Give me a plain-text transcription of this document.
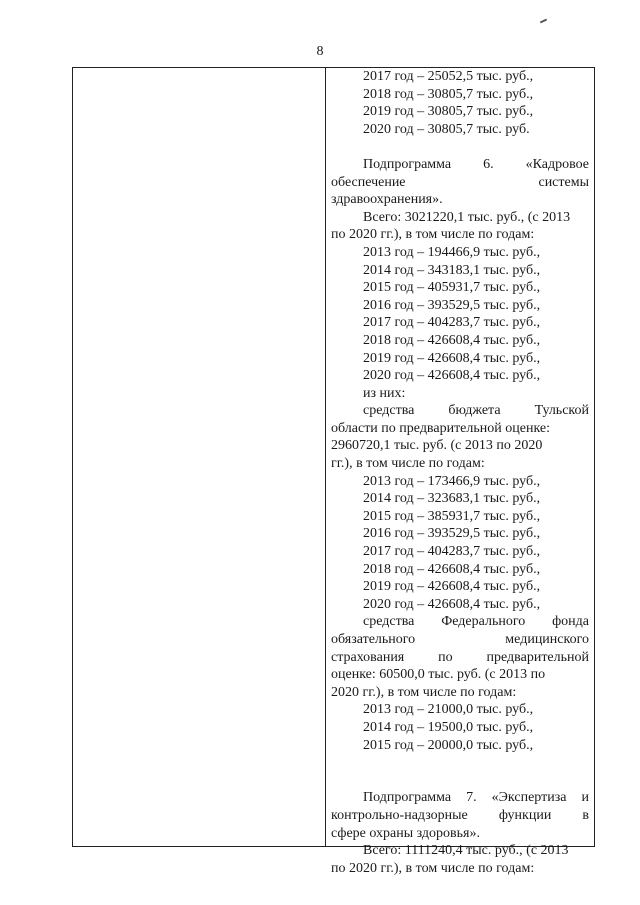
8
2017 год – 25052,5 тыс. руб.,
2018 год – 30805,7 тыс. руб.,
2019 год – 30805,7 тыс. руб.,
2020 год – 30805,7 тыс. руб.
Подпрограмма 6. «Кадровое
обеспечение системы
здравоохранения».
Всего: 3021220,1 тыс. руб., (с 2013
по 2020 гг.), в том числе по годам:
2013 год – 194466,9 тыс. руб.,
2014 год – 343183,1 тыс. руб.,
2015 год – 405931,7 тыс. руб.,
2016 год – 393529,5 тыс. руб.,
2017 год – 404283,7 тыс. руб.,
2018 год – 426608,4 тыс. руб.,
2019 год – 426608,4 тыс. руб.,
2020 год – 426608,4 тыс. руб.,
из них:
средства бюджета Тульской
области по предварительной оценке:
2960720,1 тыс. руб. (с 2013 по 2020
гг.), в том числе по годам:
2013 год – 173466,9 тыс. руб.,
2014 год – 323683,1 тыс. руб.,
2015 год – 385931,7 тыс. руб.,
2016 год – 393529,5 тыс. руб.,
2017 год – 404283,7 тыс. руб.,
2018 год – 426608,4 тыс. руб.,
2019 год – 426608,4 тыс. руб.,
2020 год – 426608,4 тыс. руб.,
средства Федерального фонда
обязательного медицинского
страхования по предварительной
оценке: 60500,0 тыс. руб. (с 2013 по
2020 гг.), в том числе по годам:
2013 год – 21000,0 тыс. руб.,
2014 год – 19500,0 тыс. руб.,
2015 год – 20000,0 тыс. руб.,
Подпрограмма 7. «Экспертиза и
контрольно-надзорные функции в
сфере охраны здоровья».
Всего: 1111240,4 тыс. руб., (с 2013
по 2020 гг.), в том числе по годам:
